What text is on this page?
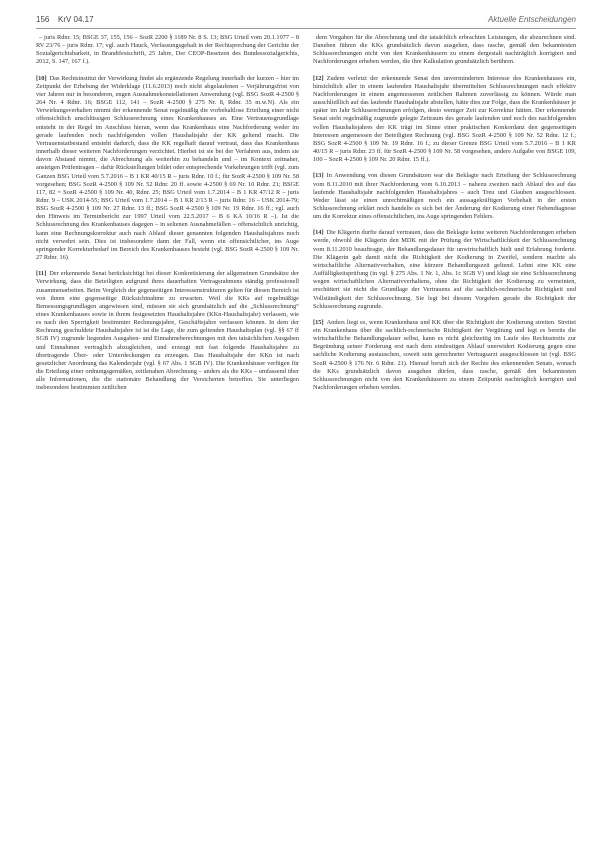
156 KrV 04.17	Aktuelle Entscheidungen

– juris Rdnr. 15; BSGE 37, 155, 156 – SozR 2200 § 1189 Nr. 8 S. 13; BSG Urteil vom 20.1.1977 – 8 RV 23/76 – juris Rdnr. 17; vgl. auch Hauck, Verfassungsgehalt in der Rechtsprechung der Gerichte der Sozialgerichtsbarkeit, in Brandtfestschrift, 25 Jahre, Der CEOP-Besetzen des Bundessozialgerichts, 2012, S. 147, 167 f.).

[10] Das Rechtsinstitut der Verwirkung findet als ergänzende Regelung innerhalb der kurzen – hier im Zeitpunkt der Erhebung der Widerklage (11.6.2013) noch nicht abgelaufenen – Verjährungsfrist von vier Jahren nur in besonderen, engen Ausnahmekonstellationen Anwendung (vgl. BSG SozR 4-2500 § 264 Nr. 4 Rdnr. 16; BSGE 112, 141 – SozR 4-2500 § 275 Nr. 8, Rdnr. 35 m.w.N). Als ein Verwirkungsverhalten nimmt der erkennende Senat regelmäßig die vorbehaltlose Erteilung einer nicht offensichtlich unschlüssigen Schlussrechnung eines Krankenhauses an. Eine Vertrauensgrundlage entsteht in der Regel im Anschluss hieran, wenn das Krankenhaus eine Nachforderung weder im gerade laufenden noch nachfolgenden vollen Haushaltsjahr der KK geltend macht. Die Vertrauenstatbestand entsteht dadurch, dass die KK regelhaft darauf vertraut, dass das Krankenhaus innerhalb dieser weiteren Nachforderungen verzichtet. Hierbei ist sie bei der Verfahren aus, indem sie davon Abstand nimmt, die Abrechnung als weiterhin zu behandeln und – im Kontext zeitnaher, ansteigen Prüfentragen – dafür Rückstellungen bildet oder entsprechende Vorkehrungen trifft (vgl. zum Ganzen BSG Urteil vom 5.7.2016 – B 1 KR 40/15 R – juris Rdnr. 10 f.; für SozR 4-2500 § 109 Nr. 58 vorgesehen; BSG SozR 4-2500 § 109 Nr. 52 Rdnr. 20 ff. sowie 4-2500 § 69 Nr. 10 Rdnr. 21; BSGE 117, 82 = SozR 4-2500 § 109 Nr. 40, Rdnr. 25; BSG Urteil vom 1.7.2014 – B 1 KR 47/12 R – juris Rdnr. 9 – USK 2014-55; BSG Urteil vom 1.7.2014 – B 1 KR 2/13 R – juris Rdnr. 16 – USK 2014-79; BSG SozR 4-2500 § 109 Nr. 27 Rdnr. 13 ff.; BSG SozR 4-2500 § 109 Nr. 19 Rdnr. 16 ff.; vgl. auch den Hinweis im Terminbericht zur 1997 Urteil vom 22.5.2017 – B 6 KA 10/16 R –). Ist die Schlussrechnung des Krankenhauses dagegen – in seltenen Ausnahmefällen – offensichtlich unrichtig, kann eine Rechnungskorrektur auch nach Ablauf dieser genannten folgenden Haushaltsjahres noch nicht verwehrt sein. Dies ist insbesondere dann der Fall, wenn ein offensichtlicher, ins Auge springender Korrekturbedarf im Bereich des Krankenhauses besteht (vgl. BSG SozR 4-2500 § 109 Nr. 27 Rdnr. 16).

[11] Der erkennende Senat berücksichtigt bei dieser Konkretisierung der allgemeinen Grundsätze der Verwirkung, dass die Beteiligten aufgrund ihres dauerhaften Vertragsrahmens ständig professionell zusammenarbeiten. Beim Vergleich der gegenseitigen Interessenstrukturen gelten für diesen Bereich ist von ihnen eine gegenseitige Rücksichtnahme zu erwarten. Weil die KKs auf regelmäßige Bemessungsgrundlagen angewiesen sind, müssen sie sich grundsätzlich auf die „Schlussrechnung“ eines Krankenhauses sowie in ihrem festgesetzten Haushaltsjahre (KKn-Haushaltsjahr) verlassen, wie es nach den Sperrigkeit bestimmter Rechnungsjahre, Geschäftsjahre verfassen können. In dem der Rechnung geschuldete Haushaltsjahre ist ist die Lage, die zum geltenden Haushaltsplan (vgl. §§ 67 ff SGB IV) zugrunde liegenden Ausgaben- und Einnahmeberechnungen mit den tatsächlichen Ausgaben und Einnahmen vertraglich abzugleichen, und erzeugt mit fast folgende Haushaltsjahre zu übertragende Über- oder Unterdeckungen zu erzeugen. Das Haushaltsjahr der KKn ist nach gesetzlicher Anordnung das Kalenderjahr (vgl. § 67 Abs. 1 SGB IV). Die Krankenhäuser verfügen für die Erteilung einer ordnungsgemäßen, zeitlenahen Abrechnung – anders als die KKs – umfassend über alle Informationen, die die stationäre Behandlung der Versicherten betreffen. Sie unterliegen insbesondere bestimmten zeitlichen

dem Vorgaben für die Abrechnung und die tatsächlich erbrachten Leistungen, die abzurechnen sind. Daneben führen die KKs grundsätzlich davon ausgehen, dass rasche, gemäß den bekanntesten Schlussrechnungen nicht von den Krankenhäusern zu einem dergestalt nachträglich korrigiert und Nachforderungen erheben werden, die ihre Kalkulation grundsätzlich berühren.

[12] Zudem verletzt der erkennende Senat den unverminderten Interesse des Krankenhauses ein, hinsichtlich aller in einem laufenden Haushaltsjahr übermittelten Schlussrechnungen nach effektiv Nachforderungen in einem angemessenen zeitlichen Rahmen zuverlässig zu können. Würde man ausschließlich auf das laufende Haushaltsjahr abstellen, hätte dies zur Folge, dass die Krankenhäuser je später im Jahr Schlussrechnungen erfolgen, desto weniger Zeit zur Korrektur hätten. Der erkennende Senat sieht regelmäßig zugrunde gelegte Zeitraum des gerade laufenden und noch des nachfolgenden vollen Haushaltsjahres der KK trägt im Sinne einer praktischen Konkordanz den gegenseitigen Interessen angemessen der Beteiligten Rechnung (vgl. BSG SozR 4-2500 § 109 Nr. 52 Rdnr. 12 f.; BSG SozR 4-2500 § 109 Nr. 19 Rdnr. 16 f.; zu dieser Grenze BSG Urteil vom 5.7.2016 – B 1 KR 40/15 R – juris Rdnr. 23 ff. für SozR 4-2500 § 109 Nr. 58 vorgesehen, andere Aufgabe von BSGE 109, 100 – SozR 4-2500 § 109 Nr. 20 Rdnr. 15 ff.).

[13] In Anwendung von diesen Grundsätzen war die Beklagte nach Erteilung der Schlussrechnung vom 8.11.2010 mit ihrer Nachforderung vom 6.10.2013 – nahezu zweiten nach Ablauf des auf das laufende Haushaltsjahr nachfolgenden Haushaltsjahres – auch Treu und Glauben ausgeschlossen. Weder lässt sie einen unrechtmäßigen noch ein aussagekräftigen Vorbehalt in der ersten Schlussrechnung erklärt noch handelte es sich bei der Änderung der Kodierung einer Nebendiagnose um die Korrektur eines offensichtlichen, ins Auge springenden Fehlers.

[14] Die Klägerin durfte darauf vertrauen, dass die Beklagte keine weiteren Nachforderungen erheben werde, obwohl die Klägerin den MDK mit der Prüfung der Wirtschaftlichkeit der Schlussrechnung vom 8.11.2010 beauftragte, der Behandlungsdauer für unwirtschaftlich hielt und Erfahrung forderte. Die Klägerin gab damit nicht die Richtigkeit der Kodierung in Zweifel, sondern machte als wirtschaftliche Alternativverhalten, eine kürzere Behandlungszeit geltend. Lehnt eine KK eine Auffälligkeitsprüfung (in vgl. § 275 Abs. 1 Nr. 1, Abs. 1c SGB V) und klagt sie eine Schlussrechnung wegen wirtschaftlichen Alternativverhaltens, ohne die Richtigkeit der Kodierung zu verneinten, erschüttert sie nicht die Grundlage der Vertrauens auf die sachlich-rechnerische Richtigkeit und Vollständigkeit der Schlussrechnung. Sie legt bei diesem Vorgehen gerade die Richtigkeit der Schlussrechnung zugrunde.

[15] Anders liegt es, wenn Krankenhaus und KK über die Richtigkeit der Kodierung streiten. Streitet ein Krankenhaus über die sachlich-rechnerische Richtigkeit der Vergütung und legt es bereits die wirtschaftliche Behandlungsdauer selbst, kann es nicht gleichzeitig im Laufe des Rechtsstreits zur Begründung seiner Forderung erst nach dem eindeutigen Ablauf unerwidert Kodierung gegen eine sachliche Kodierung austauschen, soweit sein gerechneter Vertragsarzt ausgeschlossen ist (vgl. BSG SozR 4-2500 § 176 Nr. 6 Rdnr. 21). Hierauf beruft sich der Rechte des erkennenden Senats, wonach die KKs grundsätzlich davon ausgehen dürfen, dass rasche, gemäß den bekanntesten Schlussrechnungen nicht von den Krankenhäusern zu einem Zeitpunkt nachträglich korrigiert und Nachforderungen erheben werden.
